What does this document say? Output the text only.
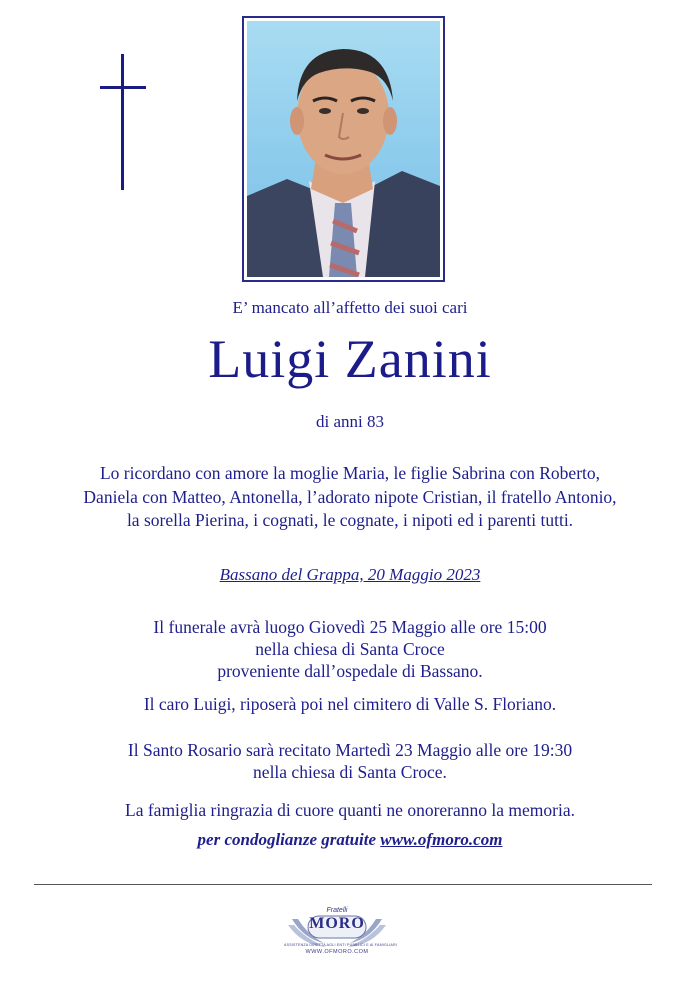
E’ mancato all’affetto dei suoi cari
Luigi Zanini
di anni 83
Lo ricordano con amore la moglie Maria, le figlie Sabrina con Roberto,
Daniela con Matteo, Antonella, l’adorato nipote Cristian, il fratello Antonio,
la sorella Pierina, i cognati, le cognate, i nipoti ed i parenti tutti.
Bassano del Grappa, 20 Maggio 2023
Il funerale avrà luogo Giovedì 25 Maggio alle ore 15:00
nella chiesa di Santa Croce
proveniente dall’ospedale di Bassano.
Il caro Luigi, riposerà poi nel cimitero di Valle S. Floriano.
Il Santo Rosario sarà recitato Martedì 23 Maggio alle ore 19:30
nella chiesa di Santa Croce.
La famiglia ringrazia di cuore quanti ne onoreranno la memoria.
per condoglianze gratuite www.ofmoro.com
Fratelli
MORO
ASSISTENZA DIRETTA AGLI ENTI PUBBLICI E AI FAMIGLIARI
WWW.OFMORO.COM
